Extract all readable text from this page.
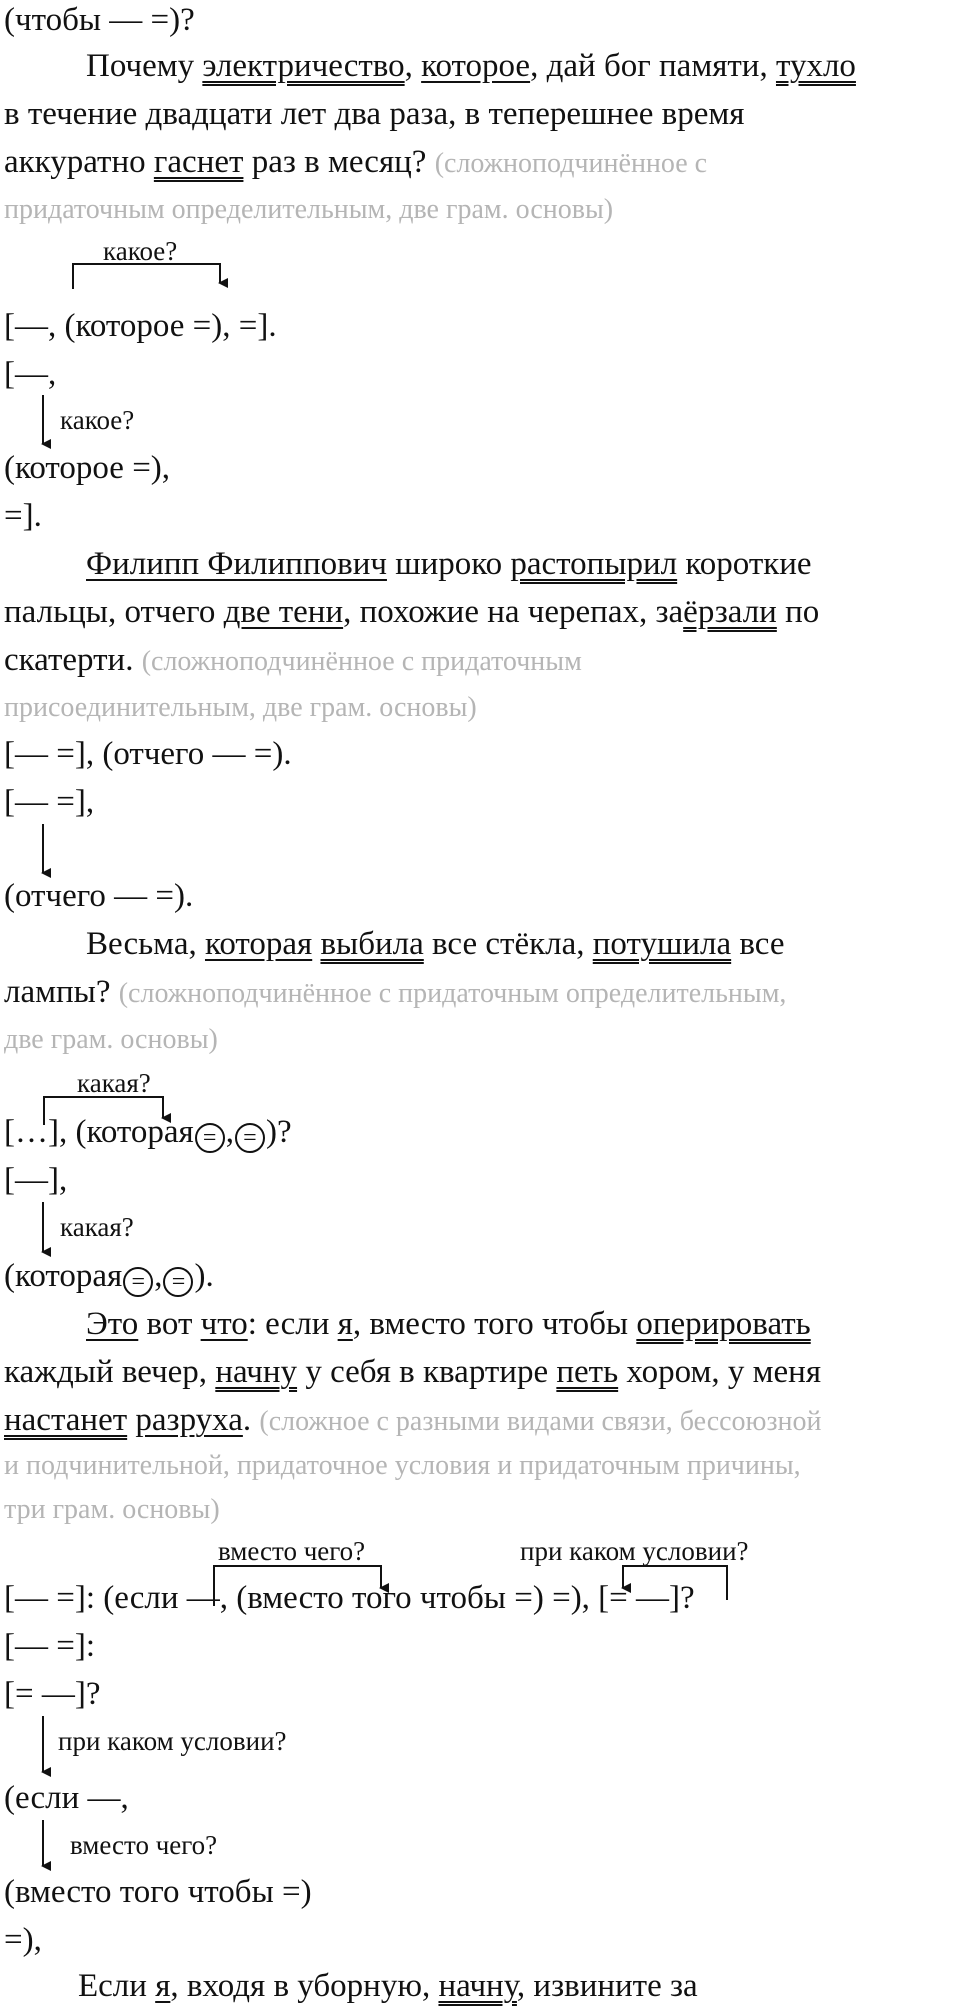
(чтобы — =)?
Почему электричество, которое, дай бог памяти, тухло
в течение двадцати лет два раза, в теперешнее время
аккуратно гаснет раз в месяц? (сложноподчинённое с
придаточным определительным, две грам. основы)
какое?
[—, (которое =), =].
[—,
какое?
(которое =),
=].
Филипп Филиппович широко растопырил короткие
пальцы, отчего две тени, похожие на черепах, заёрзали по
скатерти. (сложноподчинённое с придаточным
присоединительным, две грам. основы)
[— =], (отчего — =).
[— =],
(отчего — =).
Весьма, которая выбила все стёкла, потушила все
лампы? (сложноподчинённое с придаточным определительным,
две грам. основы)
какая?
[…], (которая = , = )?
[—],
какая?
(которая = , = ).
Это вот что: если я, вместо того чтобы оперировать
каждый вечер, начну у себя в квартире петь хором, у меня
настанет разруха. (сложное с разными видами связи, бессоюзной
и подчинительной, придаточное условия и придаточным причины,
три грам. основы)
вместо чего?	при каком условии?
[— =]: (если —, (вместо того чтобы =) =), [= —]?
[— =]:
[= —]?
при каком условии?
(если —,
вместо чего?
(вместо того чтобы =)
=),
Если я, входя в уборную, начну, извините за
